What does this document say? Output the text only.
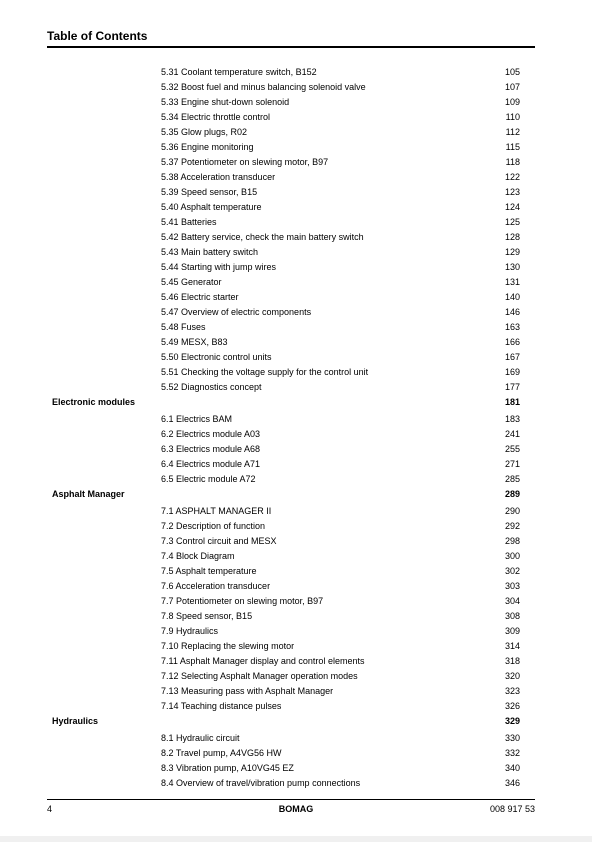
Table of Contents
5.31 Coolant temperature switch, B152	105
5.32 Boost fuel and minus balancing solenoid valve	107
5.33 Engine shut-down solenoid	109
5.34 Electric throttle control	110
5.35 Glow plugs, R02	112
5.36 Engine monitoring	115
5.37 Potentiometer on slewing motor, B97	118
5.38 Acceleration transducer	122
5.39 Speed sensor, B15	123
5.40 Asphalt temperature	124
5.41 Batteries	125
5.42 Battery service, check the main battery switch	128
5.43 Main battery switch	129
5.44 Starting with jump wires	130
5.45 Generator	131
5.46 Electric starter	140
5.47 Overview of electric components	146
5.48 Fuses	163
5.49 MESX, B83	166
5.50 Electronic control units	167
5.51 Checking the voltage supply for the control unit	169
5.52 Diagnostics concept	177
Electronic modules	181
6.1 Electrics BAM	183
6.2 Electrics module A03	241
6.3 Electrics module A68	255
6.4 Electrics module A71	271
6.5 Electric module A72	285
Asphalt Manager	289
7.1 ASPHALT MANAGER II	290
7.2 Description of function	292
7.3 Control circuit and MESX	298
7.4 Block Diagram	300
7.5 Asphalt temperature	302
7.6 Acceleration transducer	303
7.7 Potentiometer on slewing motor, B97	304
7.8 Speed sensor, B15	308
7.9 Hydraulics	309
7.10 Replacing the slewing motor	314
7.11 Asphalt Manager display and control elements	318
7.12 Selecting Asphalt Manager operation modes	320
7.13 Measuring pass with Asphalt Manager	323
7.14 Teaching distance pulses	326
Hydraulics	329
8.1 Hydraulic circuit	330
8.2 Travel pump, A4VG56 HW	332
8.3 Vibration pump, A10VG45 EZ	340
8.4 Overview of travel/vibration pump connections	346
4	BOMAG	008 917 53
